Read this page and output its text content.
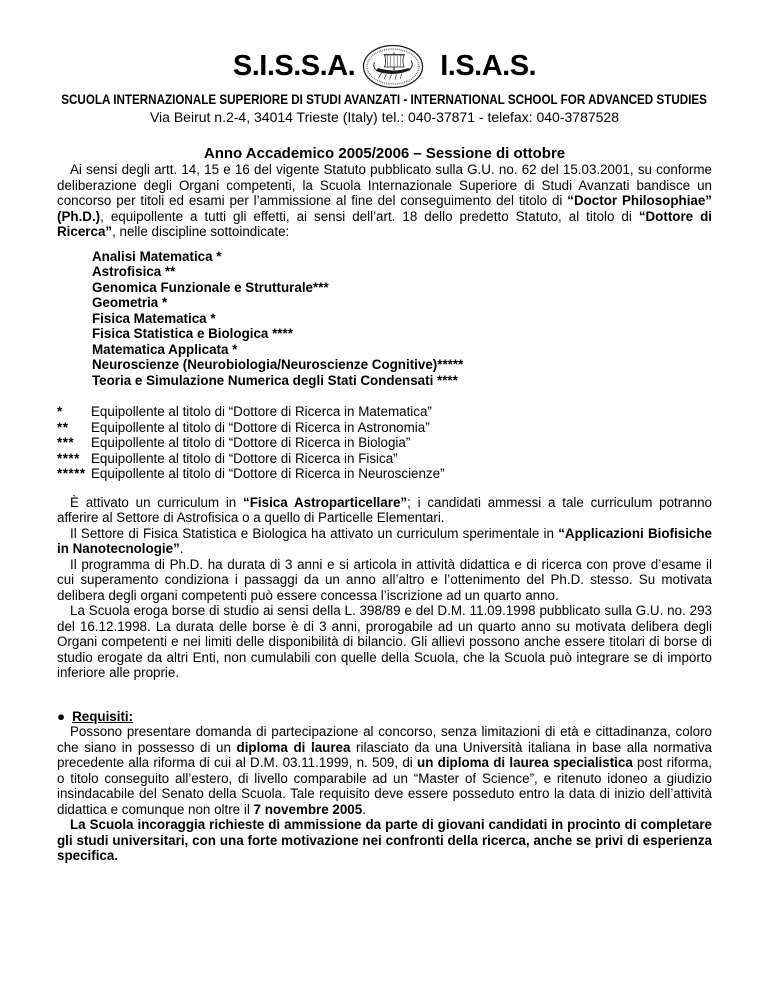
S.I.S.S.A.	I.S.A.S.
SCUOLA INTERNAZIONALE SUPERIORE DI STUDI AVANZATI - INTERNATIONAL SCHOOL FOR ADVANCED STUDIES
Via Beirut n.2-4, 34014 Trieste (Italy) tel.: 040-37871 - telefax: 040-3787528
Anno Accademico 2005/2006 – Sessione di ottobre

Ai sensi degli artt. 14, 15 e 16 del vigente Statuto pubblicato sulla G.U. no. 62 del 15.03.2001, su conforme deliberazione degli Organi competenti, la Scuola Internazionale Superiore di Studi Avanzati bandisce un concorso per titoli ed esami per l’ammissione al fine del conseguimento del titolo di “Doctor Philosophiae” (Ph.D.), equipollente a tutti gli effetti, ai sensi dell’art. 18 dello predetto Statuto, al titolo di “Dottore di Ricerca”, nelle discipline sottoindicate:

Analisi Matematica *
Astrofisica **
Genomica Funzionale e Strutturale***
Geometria *
Fisica Matematica *
Fisica Statistica e Biologica ****
Matematica Applicata *
Neuroscienze (Neurobiologia/Neuroscienze Cognitive)*****
Teoria e Simulazione Numerica degli Stati Condensati ****
*	Equipollente al titolo di “Dottore di Ricerca in Matematica”
**	Equipollente al titolo di “Dottore di Ricerca in Astronomia”
***	Equipollente al titolo di “Dottore di Ricerca in Biologia”
**** Equipollente al titolo di “Dottore di Ricerca in Fisica”
***** Equipollente al titolo di “Dottore di Ricerca in Neuroscienze”

È attivato un curriculum in “Fisica Astroparticellare”; i candidati ammessi a tale curriculum potranno afferire al Settore di Astrofisica o a quello di Particelle Elementari.

Il Settore di Fisica Statistica e Biologica ha attivato un curriculum sperimentale in “Applicazioni Biofisiche in Nanotecnologie”.

Il programma di Ph.D. ha durata di 3 anni e si articola in attività didattica e di ricerca con prove d’esame il cui superamento condiziona i passaggi da un anno all’altro e l’ottenimento del Ph.D. stesso. Su motivata delibera degli organi competenti può essere concessa l’iscrizione ad un quarto anno.

La Scuola eroga borse di studio ai sensi della L. 398/89 e del D.M. 11.09.1998 pubblicato sulla G.U. no. 293 del 16.12.1998. La durata delle borse è di 3 anni, prorogabile ad un quarto anno su motivata delibera degli Organi competenti e nei limiti delle disponibilità di bilancio. Gli allievi possono anche essere titolari di borse di studio erogate da altri Enti, non cumulabili con quelle della Scuola, che la Scuola può integrare se di importo inferiore alle proprie.

● Requisiti:

Possono presentare domanda di partecipazione al concorso, senza limitazioni di età e cittadinanza, coloro che siano in possesso di un diploma di laurea rilasciato da una Università italiana in base alla normativa precedente alla riforma di cui al D.M. 03.11.1999, n. 509, di un diploma di laurea specialistica post riforma, o titolo conseguito all’estero, di livello comparabile ad un “Master of Science”, e ritenuto idoneo a giudizio insindacabile del Senato della Scuola. Tale requisito deve essere posseduto entro la data di inizio dell’attività didattica e comunque non oltre il 7 novembre 2005.

La Scuola incoraggia richieste di ammissione da parte di giovani candidati in procinto di completare gli studi universitari, con una forte motivazione nei confronti della ricerca, anche se privi di esperienza specifica.
